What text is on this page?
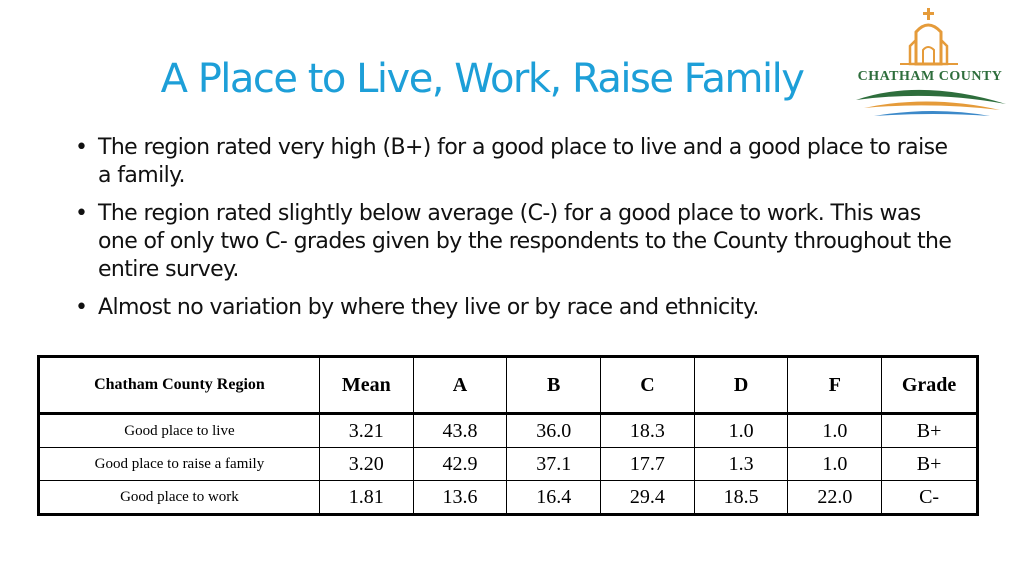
A Place to Live, Work, Raise Family	CHATHAM COUNTY
• The region rated very high (B+) for a good place to live and a good place to raise a family.
• The region rated slightly below average (C-) for a good place to work. This was one of only two C- grades given by the respondents to the County throughout the entire survey.
• Almost no variation by where they live or by race and ethnicity.
Chatham County Region	Mean	A	B	C	D	F	Grade
Good place to live	3.21	43.8	36.0	18.3	1.0	1.0	B+
Good place to raise a family	3.20	42.9	37.1	17.7	1.3	1.0	B+
Good place to work	1.81	13.6	16.4	29.4	18.5	22.0	C-
